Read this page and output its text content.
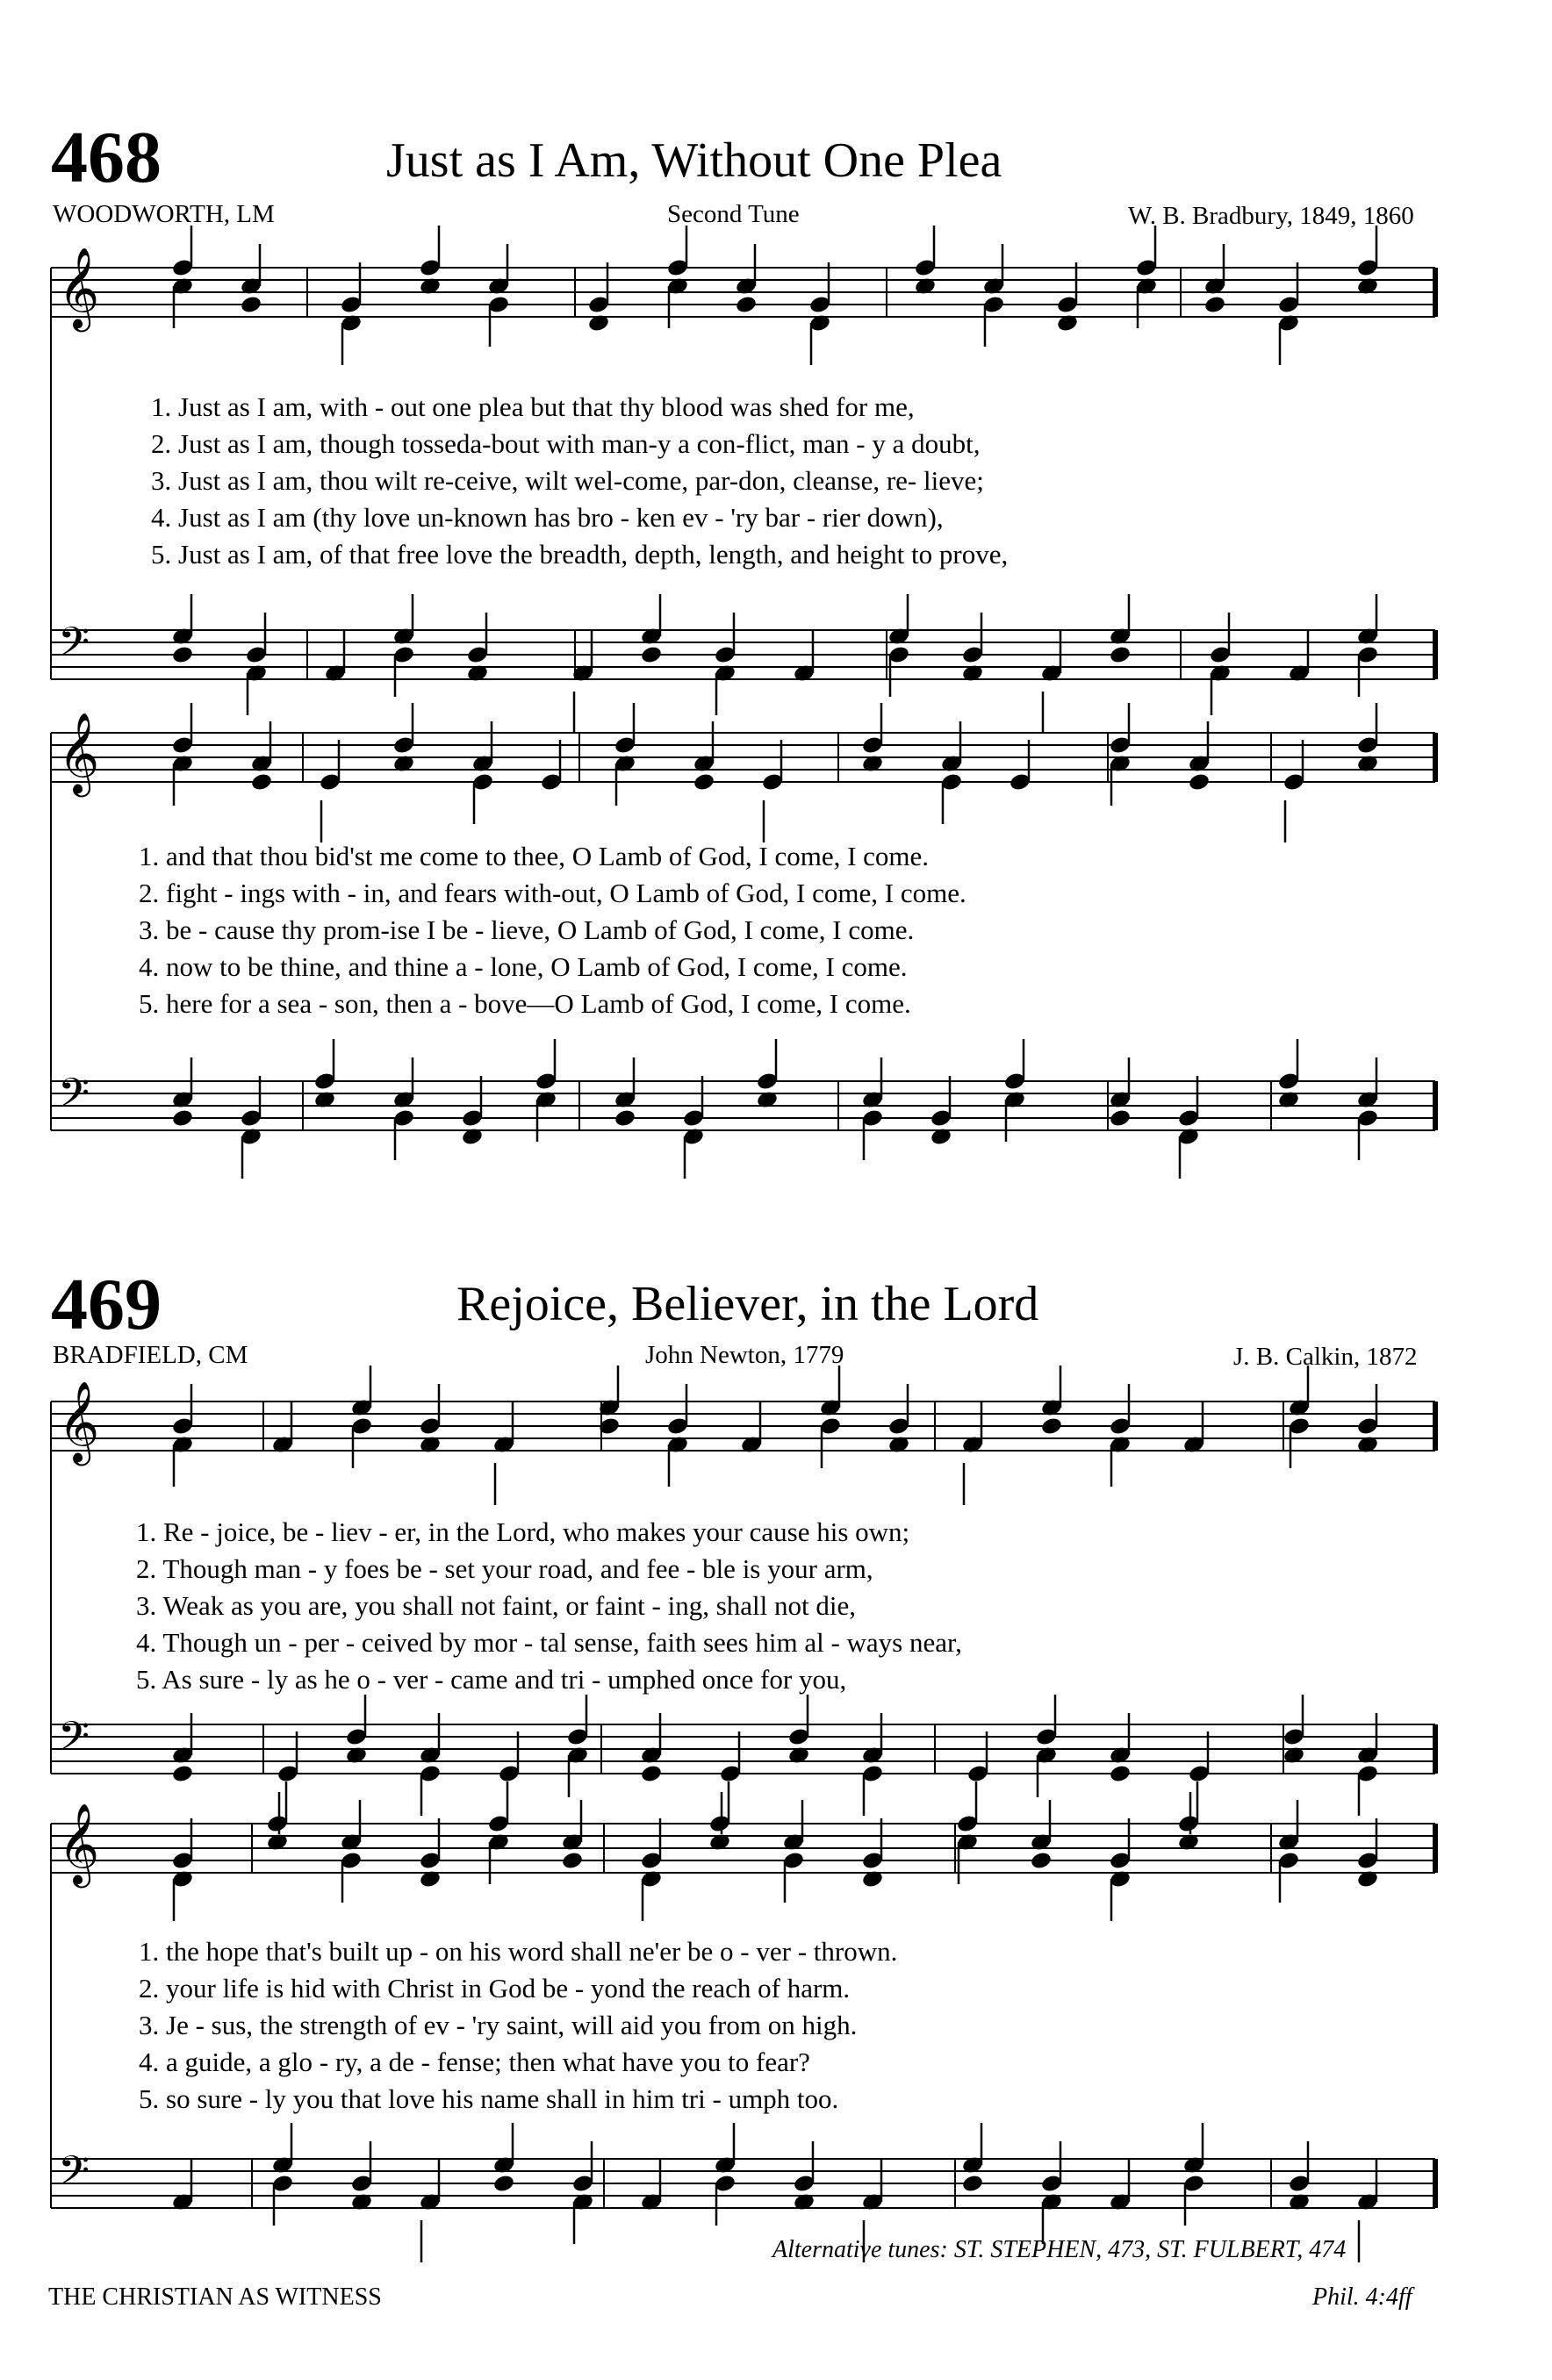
468	Just as I Am, Without One Plea
WOODWORTH, LM	Second Tune	W. B. Bradbury, 1849, 1860
𝄞
𝄢
𝄞
𝄢
𝄞
𝄢
𝄞
𝄢
1. Just as I am, with - out one plea but that thy blood was shed for me,
2. Just as I am, though tosseda-bout with man-y a con-flict, man - y a doubt,
3. Just as I am, thou wilt re-ceive, wilt wel-come, par-don, cleanse, re- lieve;
4. Just as I am (thy love un-known has bro - ken ev - 'ry bar - rier down),
5. Just as I am, of that free love the breadth, depth, length, and height to prove,
1. and that thou bid'st me come to thee, O Lamb of God, I come, I come.
2. fight - ings with - in, and fears with-out, O Lamb of God, I come, I come.
3. be - cause thy prom-ise I be - lieve, O Lamb of God, I come, I come.
4. now to be thine, and thine a - lone, O Lamb of God, I come, I come.
5. here for a sea - son, then a - bove—O Lamb of God, I come, I come.
469	Rejoice, Believer, in the Lord
BRADFIELD, CM	John Newton, 1779	J. B. Calkin, 1872
1. Re - joice, be - liev - er, in the Lord, who makes your cause his own;
2. Though man - y foes be - set your road, and fee - ble is your arm,
3. Weak as you are, you shall not faint, or faint - ing, shall not die,
4. Though un - per - ceived by mor - tal sense, faith sees him al - ways near,
5. As sure - ly as he o - ver - came and tri - umphed once for you,
1. the hope that's built up - on his word shall ne'er be o - ver - thrown.
2. your life is hid with Christ in God be - yond the reach of harm.
3. Je - sus, the strength of ev - 'ry saint, will aid you from on high.
4. a guide, a glo - ry, a de - fense; then what have you to fear?
5. so sure - ly you that love his name shall in him tri - umph too.
Alternative tunes: ST. STEPHEN, 473, ST. FULBERT, 474
THE CHRISTIAN AS WITNESS	Phil. 4:4ff
